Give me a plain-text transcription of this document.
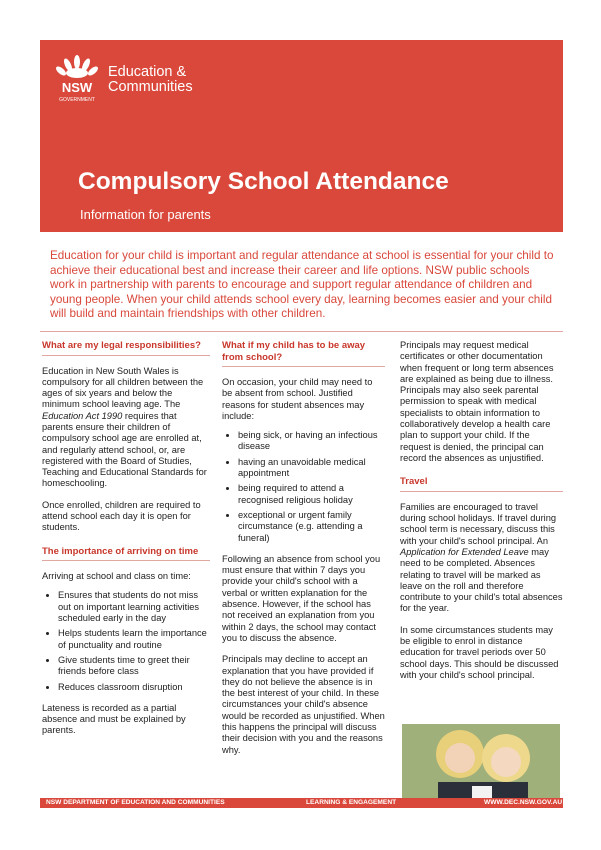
NSW
GOVERNMENT
Education &
Communities
Compulsory School Attendance
Information for parents

Education for your child is important and regular attendance at school is essential for your child to achieve their educational best and increase their career and life options. NSW public schools work in partnership with parents to encourage and support regular attendance of children and young people. When your child attends school every day, learning becomes easier and your child will build and maintain friendships with other children.

What are my legal responsibilities?

Education in New South Wales is compulsory for all children between the ages of six years and below the minimum school leaving age. The Education Act 1990 requires that parents ensure their children of compulsory school age are enrolled at, and regularly attend school, or, are registered with the Board of Studies, Teaching and Educational Standards for homeschooling.

Once enrolled, children are required to attend school each day it is open for students.

The importance of arriving on time

Arriving at school and class on time:

• Ensures that students do not miss out on important learning activities scheduled early in the day
• Helps students learn the importance of punctuality and routine
• Give students time to greet their friends before class
• Reduces classroom disruption

Lateness is recorded as a partial absence and must be explained by parents.

What if my child has to be away from school?

On occasion, your child may need to be absent from school. Justified reasons for student absences may include:

• being sick, or having an infectious disease
• having an unavoidable medical appointment
• being required to attend a recognised religious holiday
• exceptional or urgent family circumstance (e.g. attending a funeral)

Following an absence from school you must ensure that within 7 days you provide your child's school with a verbal or written explanation for the absence. However, if the school has not received an explanation from you within 2 days, the school may contact you to discuss the absence.

Principals may decline to accept an explanation that you have provided if they do not believe the absence is in the best interest of your child. In these circumstances your child's absence would be recorded as unjustified. When this happens the principal will discuss their decision with you and the reasons why.

Principals may request medical certificates or other documentation when frequent or long term absences are explained as being due to illness. Principals may also seek parental permission to speak with medical specialists to obtain information to collaboratively develop a health care plan to support your child. If the request is denied, the principal can record the absences as unjustified.

Travel

Families are encouraged to travel during school holidays. If travel during school term is necessary, discuss this with your child's school principal. An Application for Extended Leave may need to be completed. Absences relating to travel will be marked as leave on the roll and therefore contribute to your child's total absences for the year.

In some circumstances students may be eligible to enrol in distance education for travel periods over 50 school days. This should be discussed with your child's school principal.

NSW DEPARTMENT OF EDUCATION AND COMMUNITIES	LEARNING & ENGAGEMENT	WWW.DEC.NSW.GOV.AU
